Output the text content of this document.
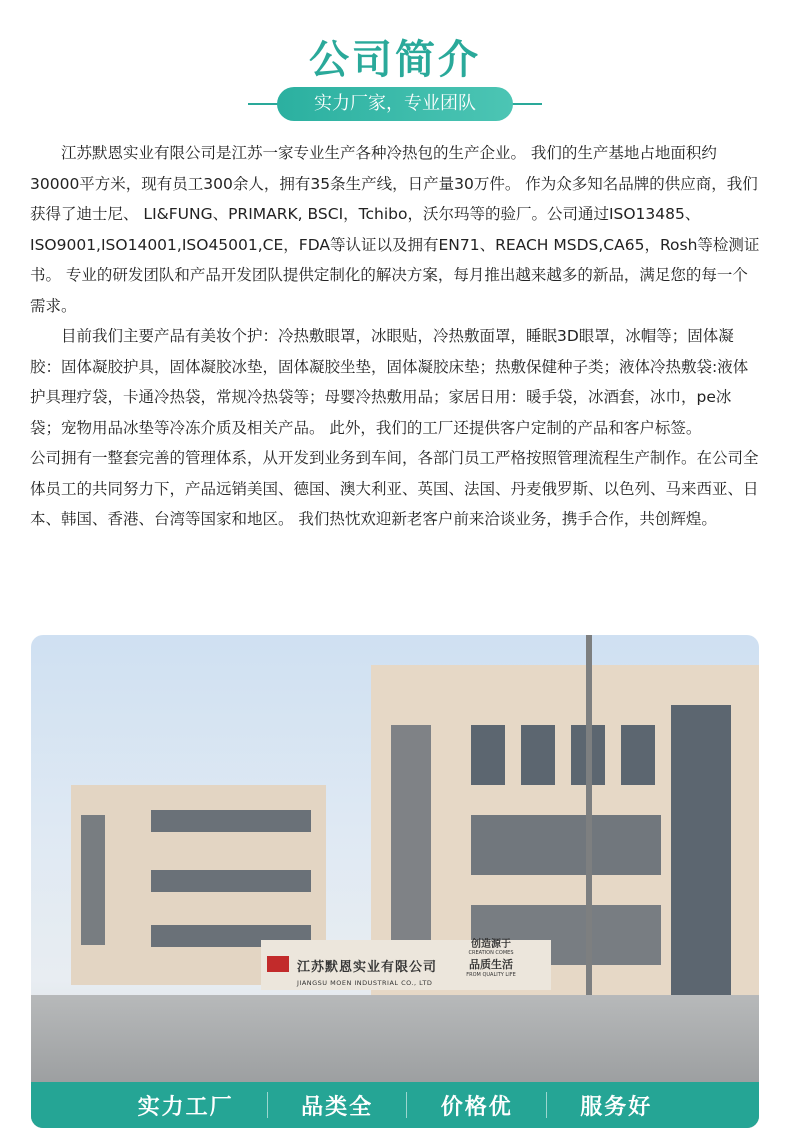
公司简介
实力厂家，专业团队

江苏默恩实业有限公司是江苏一家专业生产各种冷热包的生产企业。 我们的生产基地占地面积约30000平方米，现有员工300余人，拥有35条生产线，日产量30万件。 作为众多知名品牌的供应商，我们获得了迪士尼、 LI&FUNG、PRIMARK, BSCI，Tchibo，沃尔玛等的验厂。公司通过ISO13485、ISO9001,ISO14001,ISO45001,CE，FDA等认证以及拥有EN71、REACH MSDS,CA65，Rosh等检测证书。 专业的研发团队和产品开发团队提供定制化的解决方案，每月推出越来越多的新品，满足您的每一个需求。

目前我们主要产品有美妆个护：冷热敷眼罩，冰眼贴，冷热敷面罩，睡眠3D眼罩，冰帽等；固体凝胶：固体凝胶护具，固体凝胶冰垫，固体凝胶坐垫，固体凝胶床垫；热敷保健种子类；液体冷热敷袋:液体护具理疗袋，卡通冷热袋，常规冷热袋等；母婴冷热敷用品；家居日用：暖手袋，冰酒套，冰巾，pe冰袋；宠物用品冰垫等冷冻介质及相关产品。 此外，我们的工厂还提供客户定制的产品和客户标签。

公司拥有一整套完善的管理体系，从开发到业务到车间，各部门员工严格按照管理流程生产制作。在公司全体员工的共同努力下，产品远销美国、德国、澳大利亚、英国、法国、丹麦俄罗斯、以色列、马来西亚、日本、韩国、香港、台湾等国家和地区。 我们热忱欢迎新老客户前来洽谈业务，携手合作，共创辉煌。

江苏默恩实业有限公司
JIANGSU MOEN INDUSTRIAL CO., LTD
创造源于
CREATION COMES
品质生活
FROM QUALITY LIFE
实力工厂	品类全	价格优	服务好
